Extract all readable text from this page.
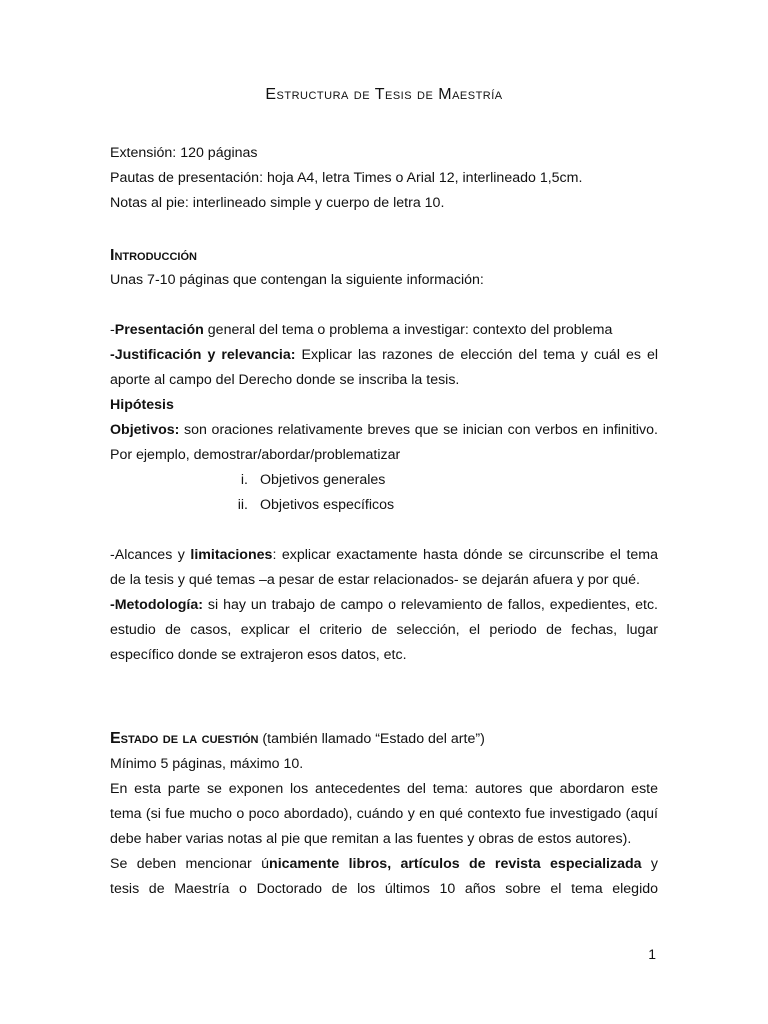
Estructura de Tesis de Maestría

Extensión: 120 páginas

Pautas de presentación: hoja A4, letra Times o Arial 12, interlineado 1,5cm.

Notas al pie: interlineado simple y cuerpo de letra 10.

Introducción

Unas 7-10 páginas que contengan la siguiente información:

-Presentación general del tema o problema a investigar: contexto del problema

-Justificación y relevancia: Explicar las razones de elección del tema y cuál es el aporte al campo del Derecho donde se inscriba la tesis.

Hipótesis

Objetivos: son oraciones relativamente breves que se inician con verbos en infinitivo. Por ejemplo, demostrar/abordar/problematizar

i. Objetivos generales
ii. Objetivos específicos

-Alcances y limitaciones: explicar exactamente hasta dónde se circunscribe el tema de la tesis y qué temas –a pesar de estar relacionados- se dejarán afuera y por qué.

-Metodología: si hay un trabajo de campo o relevamiento de fallos, expedientes, etc. estudio de casos, explicar el criterio de selección, el periodo de fechas, lugar específico donde se extrajeron esos datos, etc.

Estado de la cuestión (también llamado “Estado del arte”)

Mínimo 5 páginas, máximo 10.

En esta parte se exponen los antecedentes del tema: autores que abordaron este tema (si fue mucho o poco abordado), cuándo y en qué contexto fue investigado (aquí debe haber varias notas al pie que remitan a las fuentes y obras de estos autores).

Se deben mencionar únicamente libros, artículos de revista especializada y

tesis de Maestría o Doctorado de los últimos 10 años sobre el tema elegido

1
